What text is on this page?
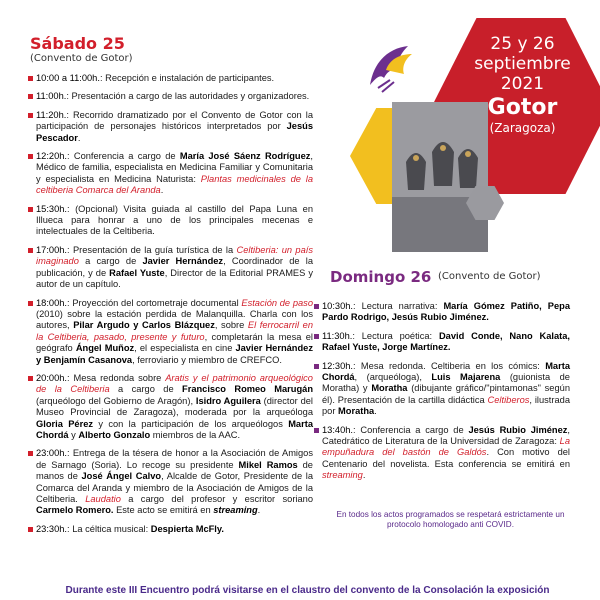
Sábado 25
(Convento de Gotor)
10:00 a 11:00h.: Recepción e instalación de participantes.
11:00h.: Presentación a cargo de las autoridades y organizadores.
11:20h.: Recorrido dramatizado por el Convento de Gotor con la participación de personajes históricos interpretados por Jesús Pescador.
12:20h.: Conferencia a cargo de María José Sáenz Rodríguez, Médico de familia, especialista en Medicina Familiar y Comunitaria y especialista en Medicina Naturista: Plantas medicinales de la celtiberia Comarca del Aranda.
15:30h.: (Opcional) Visita guiada al castillo del Papa Luna en Illueca para honrar a uno de los principales mecenas e intelectuales de la Celtiberia.
17:00h.: Presentación de la guía turística de la Celtiberia: un país imaginado a cargo de Javier Hernández, Coordinador de la publicación, y de Rafael Yuste, Director de la Editorial PRAMES y autor de un capítulo.
18:00h.: Proyección del cortometraje documental Estación de paso (2010) sobre la estación perdida de Malanquilla. Charla con los autores, Pilar Argudo y Carlos Blázquez, sobre El ferrocarril en la Celtiberia, pasado, presente y futuro, completarán la mesa el geógrafo Ángel Muñoz, el especialista en cine Javier Hernández y Benjamín Casanova, ferroviario y miembro de CREFCO.
20:00h.: Mesa redonda sobre Aratis y el patrimonio arqueológico de la Celtiberia a cargo de Francisco Romeo Marugán (arqueólogo del Gobierno de Aragón), Isidro Aguilera (director del Museo Provincial de Zaragoza), moderada por la arqueóloga Gloria Pérez y con la participación de los arqueólogos Marta Chordá y Alberto Gonzalo miembros de la AAC.
23:00h.: Entrega de la tésera de honor a la Asociación de Amigos de Sarnago (Soria). Lo recoge su presidente Mikel Ramos de manos de José Ángel Calvo, Alcalde de Gotor, Presidente de la Comarca del Aranda y miembro de la Asociación de Amigos de la Celtiberia. Laudatio a cargo del profesor y escritor soriano Carmelo Romero. Este acto se emitirá en streaming.
23:30h.: La céltica musical: Despierta McFly.
25 y 26
septiembre
2021
Gotor
(Zaragoza)
Domingo 26 (Convento de Gotor)
10:30h.: Lectura narrativa: María Gómez Patiño, Pepa Pardo Rodrigo, Jesús Rubio Jiménez.
11:30h.: Lectura poética: David Conde, Nano Kalata, Rafael Yuste, Jorge Martínez.
12:30h.: Mesa redonda. Celtiberia en los cómics: Marta Chordá, (arqueóloga), Luis Majarena (guionista de Moratha) y Moratha (dibujante gráfico/"pintamonas" según él). Presentación de la cartilla didáctica Celtiberos, ilustrada por Moratha.
13:40h.: Conferencia a cargo de Jesús Rubio Jiménez, Catedrático de Literatura de la Universidad de Zaragoza: La empuñadura del bastón de Galdós. Con motivo del Centenario del novelista. Esta conferencia se emitirá en streaming.
En todos los actos programados se respetará estrictamente un protocolo homologado anti COVID.
Durante este III Encuentro podrá visitarse en el claustro del convento de la Consolación la exposición
